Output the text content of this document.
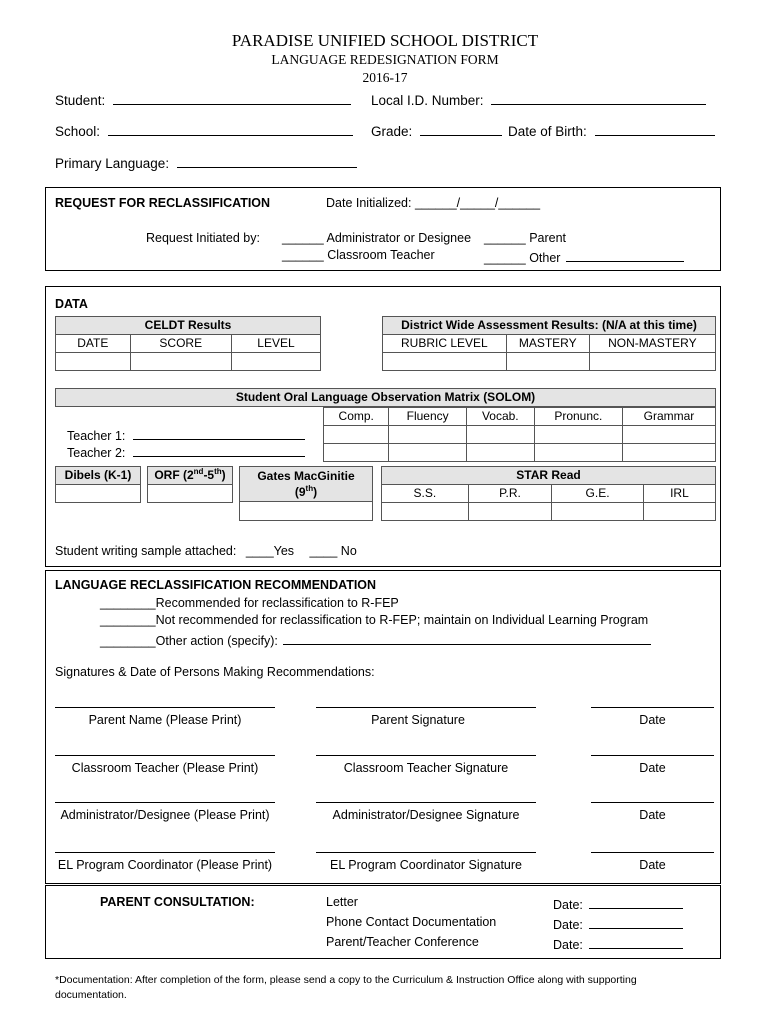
PARADISE UNIFIED SCHOOL DISTRICT
LANGUAGE REDESIGNATION FORM
2016-17
Student:	Local I.D. Number:
School:	Grade:	Date of Birth:
Primary Language:
REQUEST FOR RECLASSIFICATION	Date Initialized: ______/_____/______
Request Initiated by: ______ Administrator or Designee ______ Parent
______ Classroom Teacher	______ Other
DATA
CELDT Results		
DATE	SCORE	LEVEL

District Wide Assessment Results: (N/A at this time)		
RUBRIC LEVEL	MASTERY	NON-MASTERY

Student Oral Language Observation Matrix (SOLOM)
Comp.	Fluency	Vocab.	Pronunc.	Grammar

Teacher 1:
Teacher 2:
Dibels (K-1) ORF (2nd-5th)	Gates MacGinitie
(9th)

STAR Read			
S.S.	P.R.	G.E.	IRL

Student writing sample attached: ____Yes ____ No
LANGUAGE RECLASSIFICATION RECOMMENDATION
________Recommended for reclassification to R-FEP
________Not recommended for reclassification to R-FEP; maintain on Individual Learning Program
________Other action (specify):
Signatures & Date of Persons Making Recommendations:
Parent Name (Please Print)	Parent Signature	Date
Classroom Teacher (Please Print)	Classroom Teacher Signature	Date
Administrator/Designee (Please Print)	Administrator/Designee Signature	Date
EL Program Coordinator (Please Print)	EL Program Coordinator Signature	Date
PARENT CONSULTATION:	Letter
Phone Contact Documentation
Parent/Teacher Conference
Date:
Date:
Date:
*Documentation: After completion of the form, please send a copy to the Curriculum & Instruction Office along with supporting documentation.
